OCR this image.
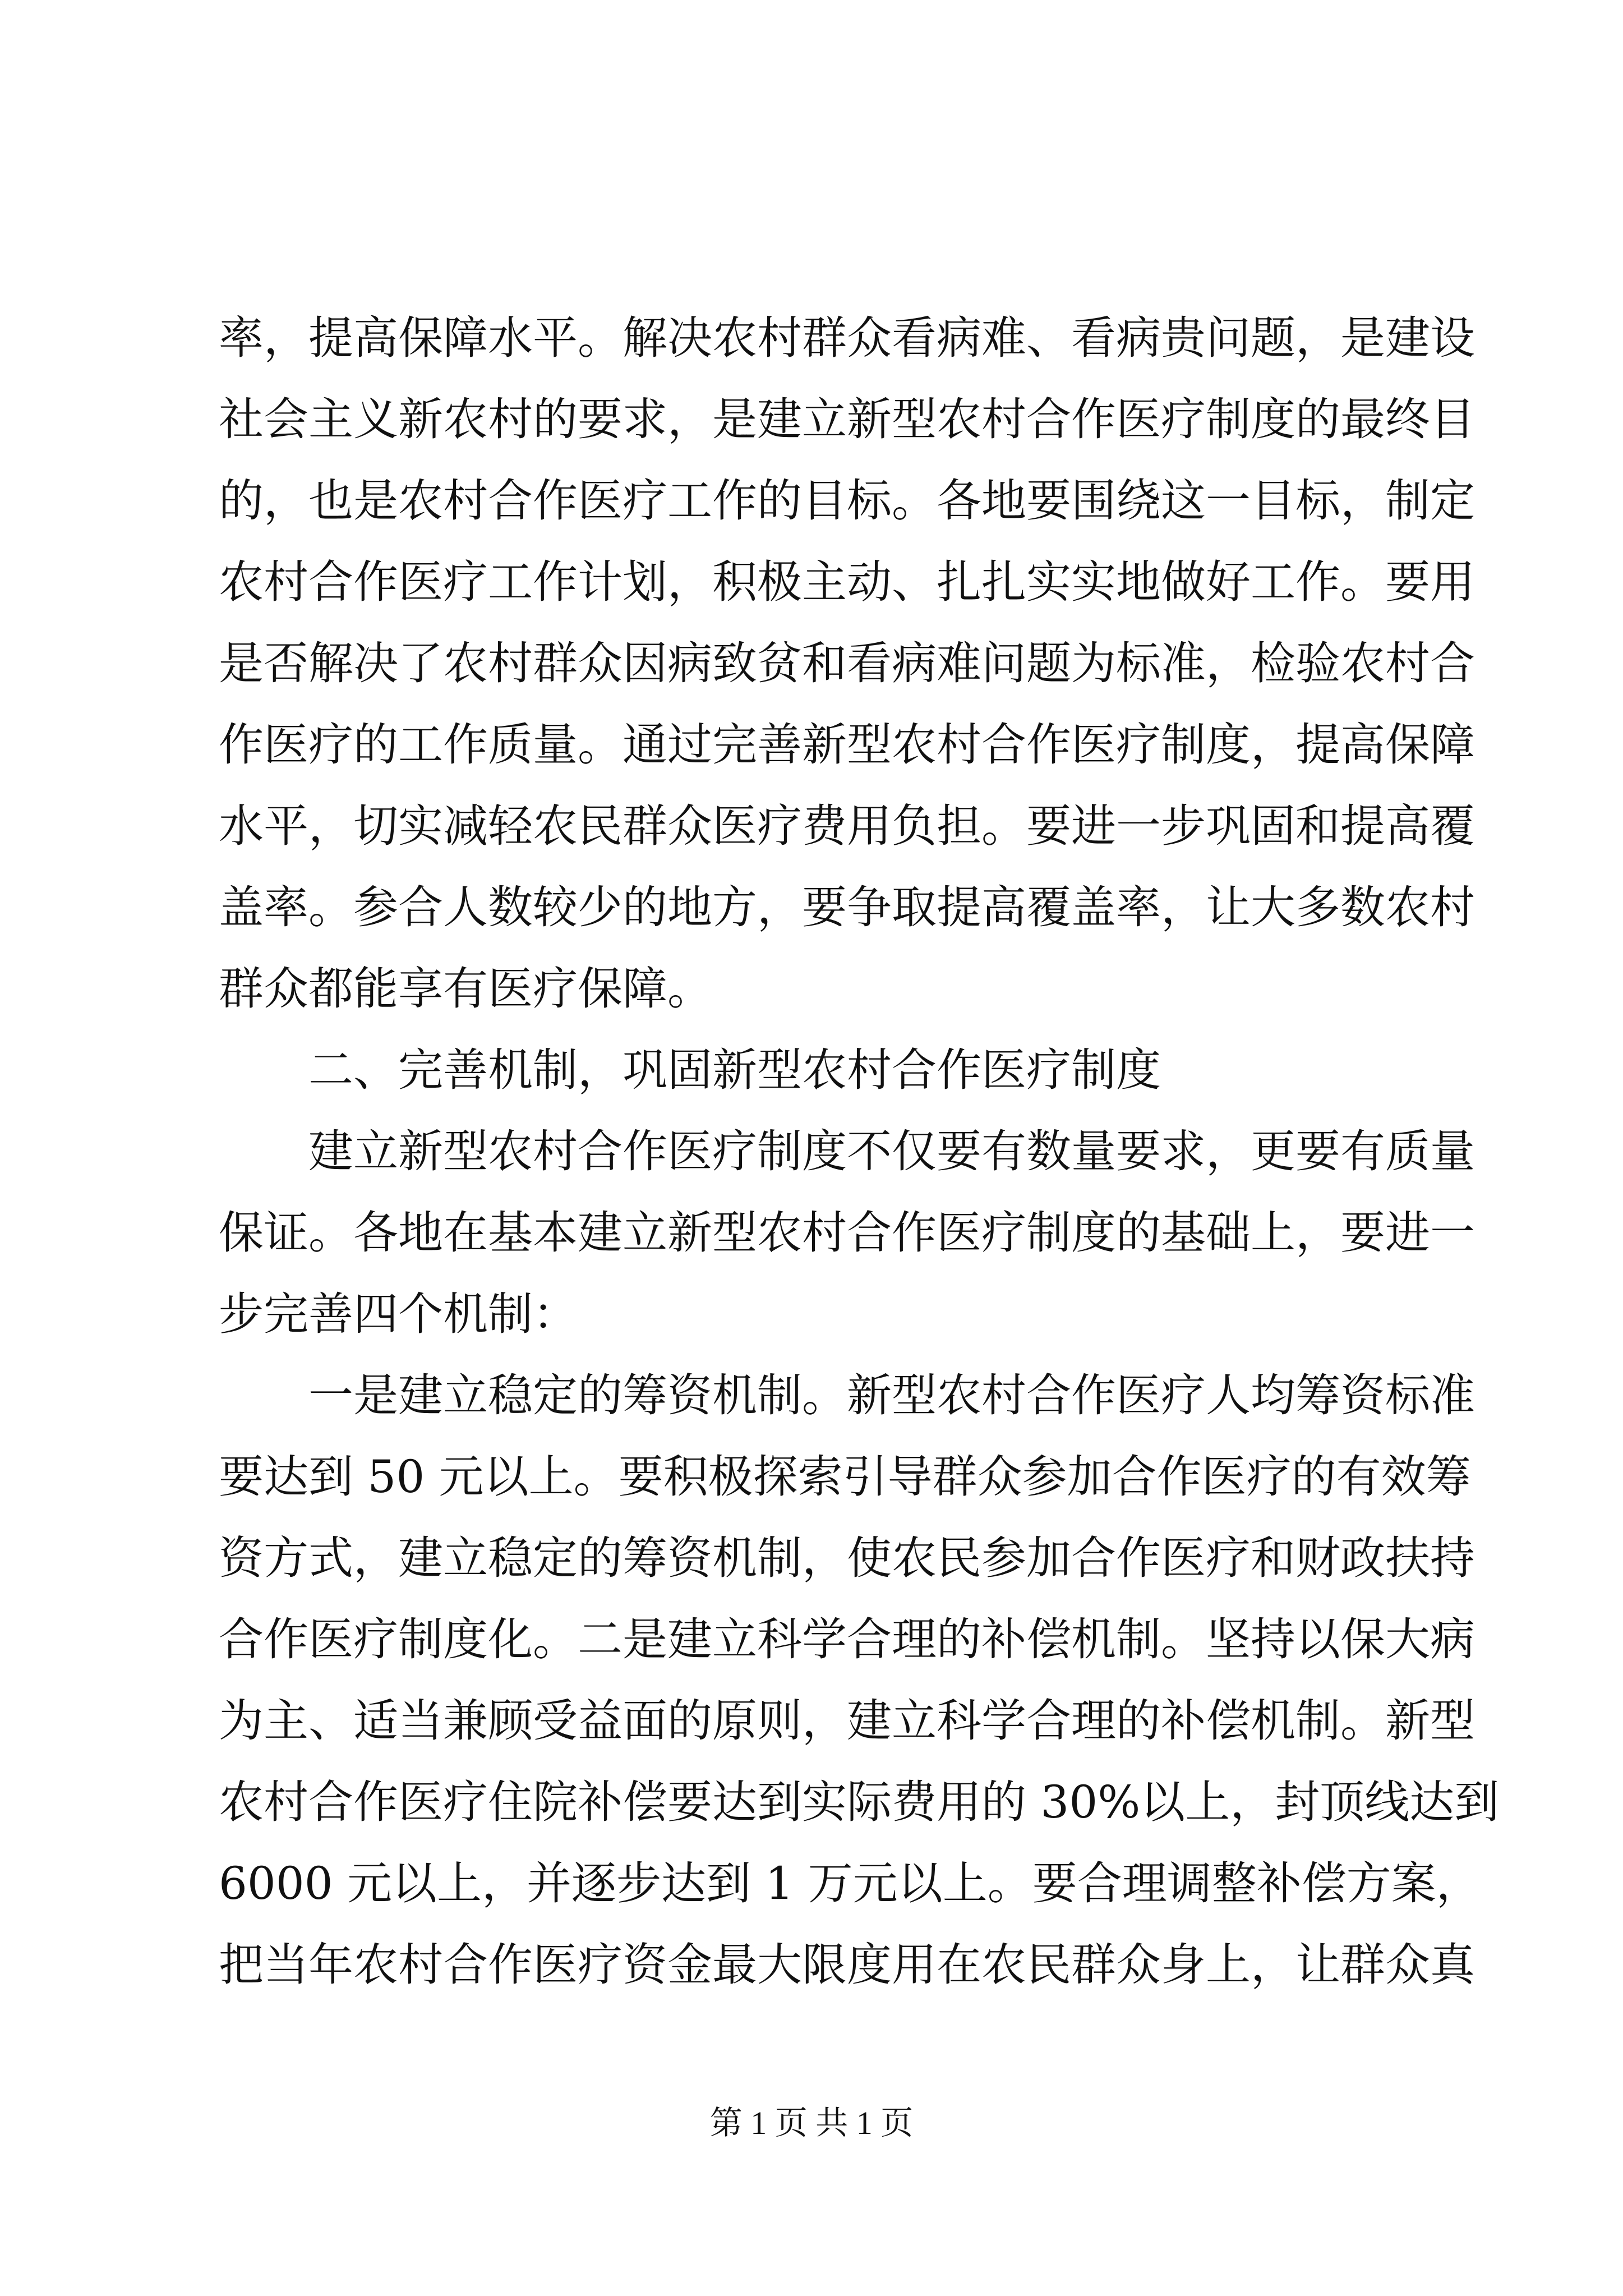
率，提高保障水平。解决农村群众看病难、看病贵问题，是建设
社会主义新农村的要求，是建立新型农村合作医疗制度的最终目
的，也是农村合作医疗工作的目标。各地要围绕这一目标，制定
农村合作医疗工作计划，积极主动、扎扎实实地做好工作。要用
是否解决了农村群众因病致贫和看病难问题为标准，检验农村合
作医疗的工作质量。通过完善新型农村合作医疗制度，提高保障
水平，切实减轻农民群众医疗费用负担。要进一步巩固和提高覆
盖率。参合人数较少的地方，要争取提高覆盖率，让大多数农村
群众都能享有医疗保障。
二、完善机制，巩固新型农村合作医疗制度
建立新型农村合作医疗制度不仅要有数量要求，更要有质量
保证。各地在基本建立新型农村合作医疗制度的基础上，要进一
步完善四个机制：
一是建立稳定的筹资机制。新型农村合作医疗人均筹资标准
要达到 50 元以上。要积极探索引导群众参加合作医疗的有效筹
资方式，建立稳定的筹资机制，使农民参加合作医疗和财政扶持
合作医疗制度化。二是建立科学合理的补偿机制。坚持以保大病
为主、适当兼顾受益面的原则，建立科学合理的补偿机制。新型
农村合作医疗住院补偿要达到实际费用的 30%以上，封顶线达到
6000 元以上，并逐步达到 1 万元以上。要合理调整补偿方案，
把当年农村合作医疗资金最大限度用在农民群众身上，让群众真
第 1 页 共 1 页
